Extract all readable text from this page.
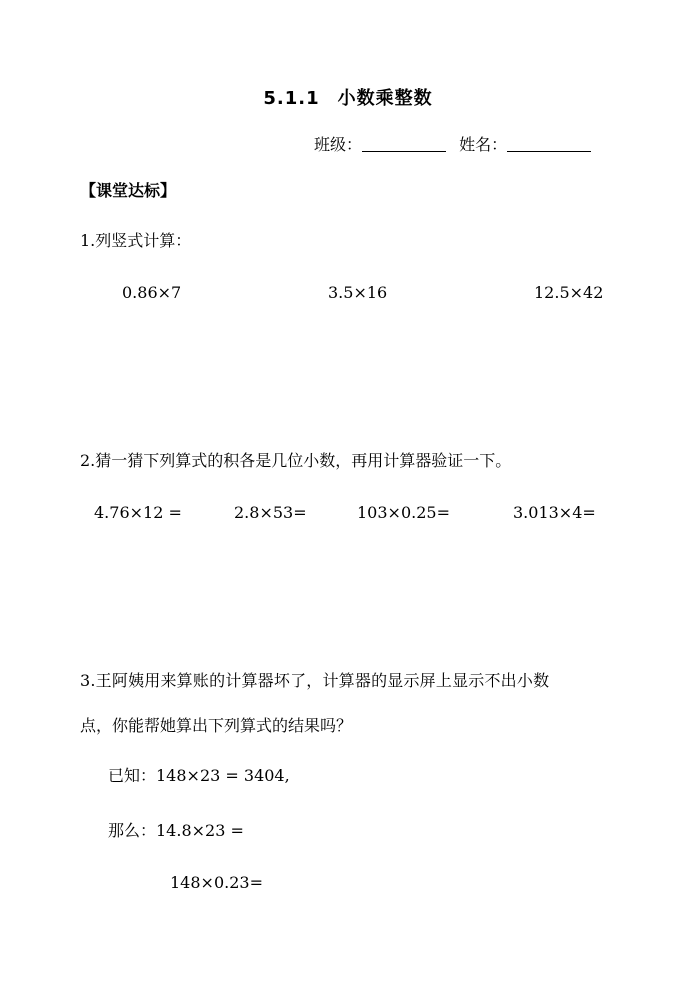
5.1.1 小数乘整数
班级：	姓名：
【课堂达标】
1.列竖式计算：
0.86×7	3.5×16	12.5×42
2.猜一猜下列算式的积各是几位小数，再用计算器验证一下。
4.76×12 =	2.8×53=	103×0.25=	3.013×4=
3.王阿姨用来算账的计算器坏了，计算器的显示屏上显示不出小数
点，你能帮她算出下列算式的结果吗？
已知：148×23 = 3404,
那么：14.8×23 =
148×0.23=
